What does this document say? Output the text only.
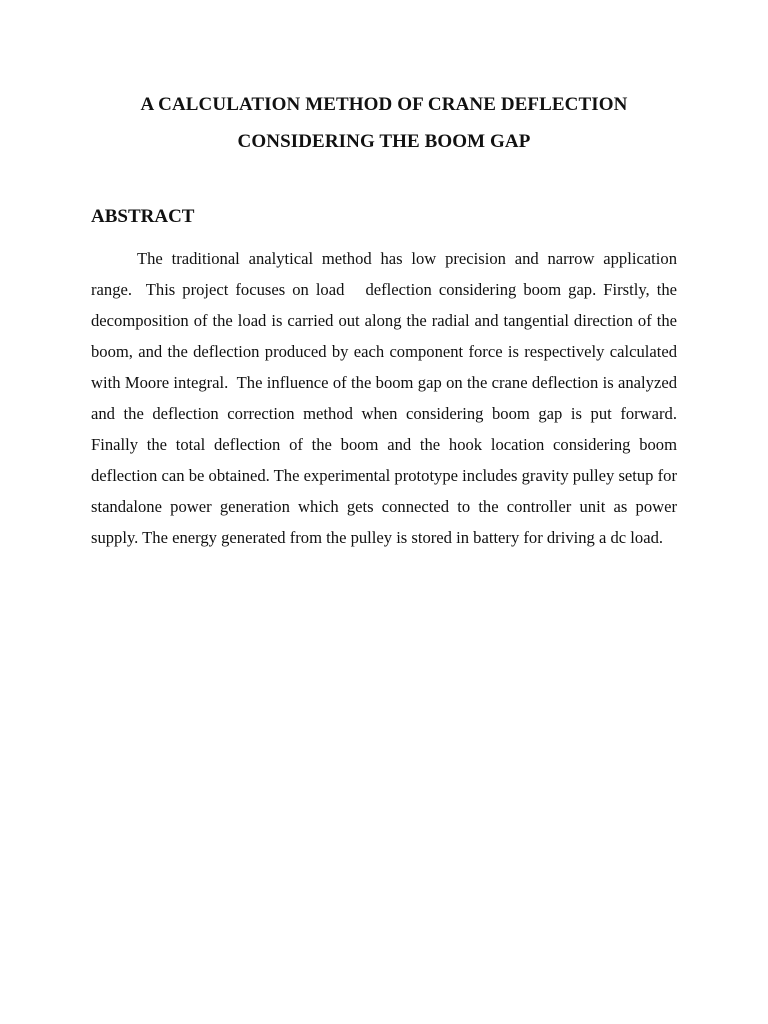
A CALCULATION METHOD OF CRANE DEFLECTION
CONSIDERING THE BOOM GAP
ABSTRACT

The traditional analytical method has low precision and narrow application range.  This project focuses on load   deflection considering boom gap. Firstly, the decomposition of the load is carried out along the radial and tangential direction of the boom, and the deflection produced by each component force is respectively calculated with Moore integral.  The influence of the boom gap on the crane deflection is analyzed and the deflection correction method when considering boom gap is put forward. Finally the total deflection of the boom and the hook location considering boom deflection can be obtained. The experimental prototype includes gravity pulley setup for standalone power generation which gets connected to the controller unit as power supply. The energy generated from the pulley is stored in battery for driving a dc load.
